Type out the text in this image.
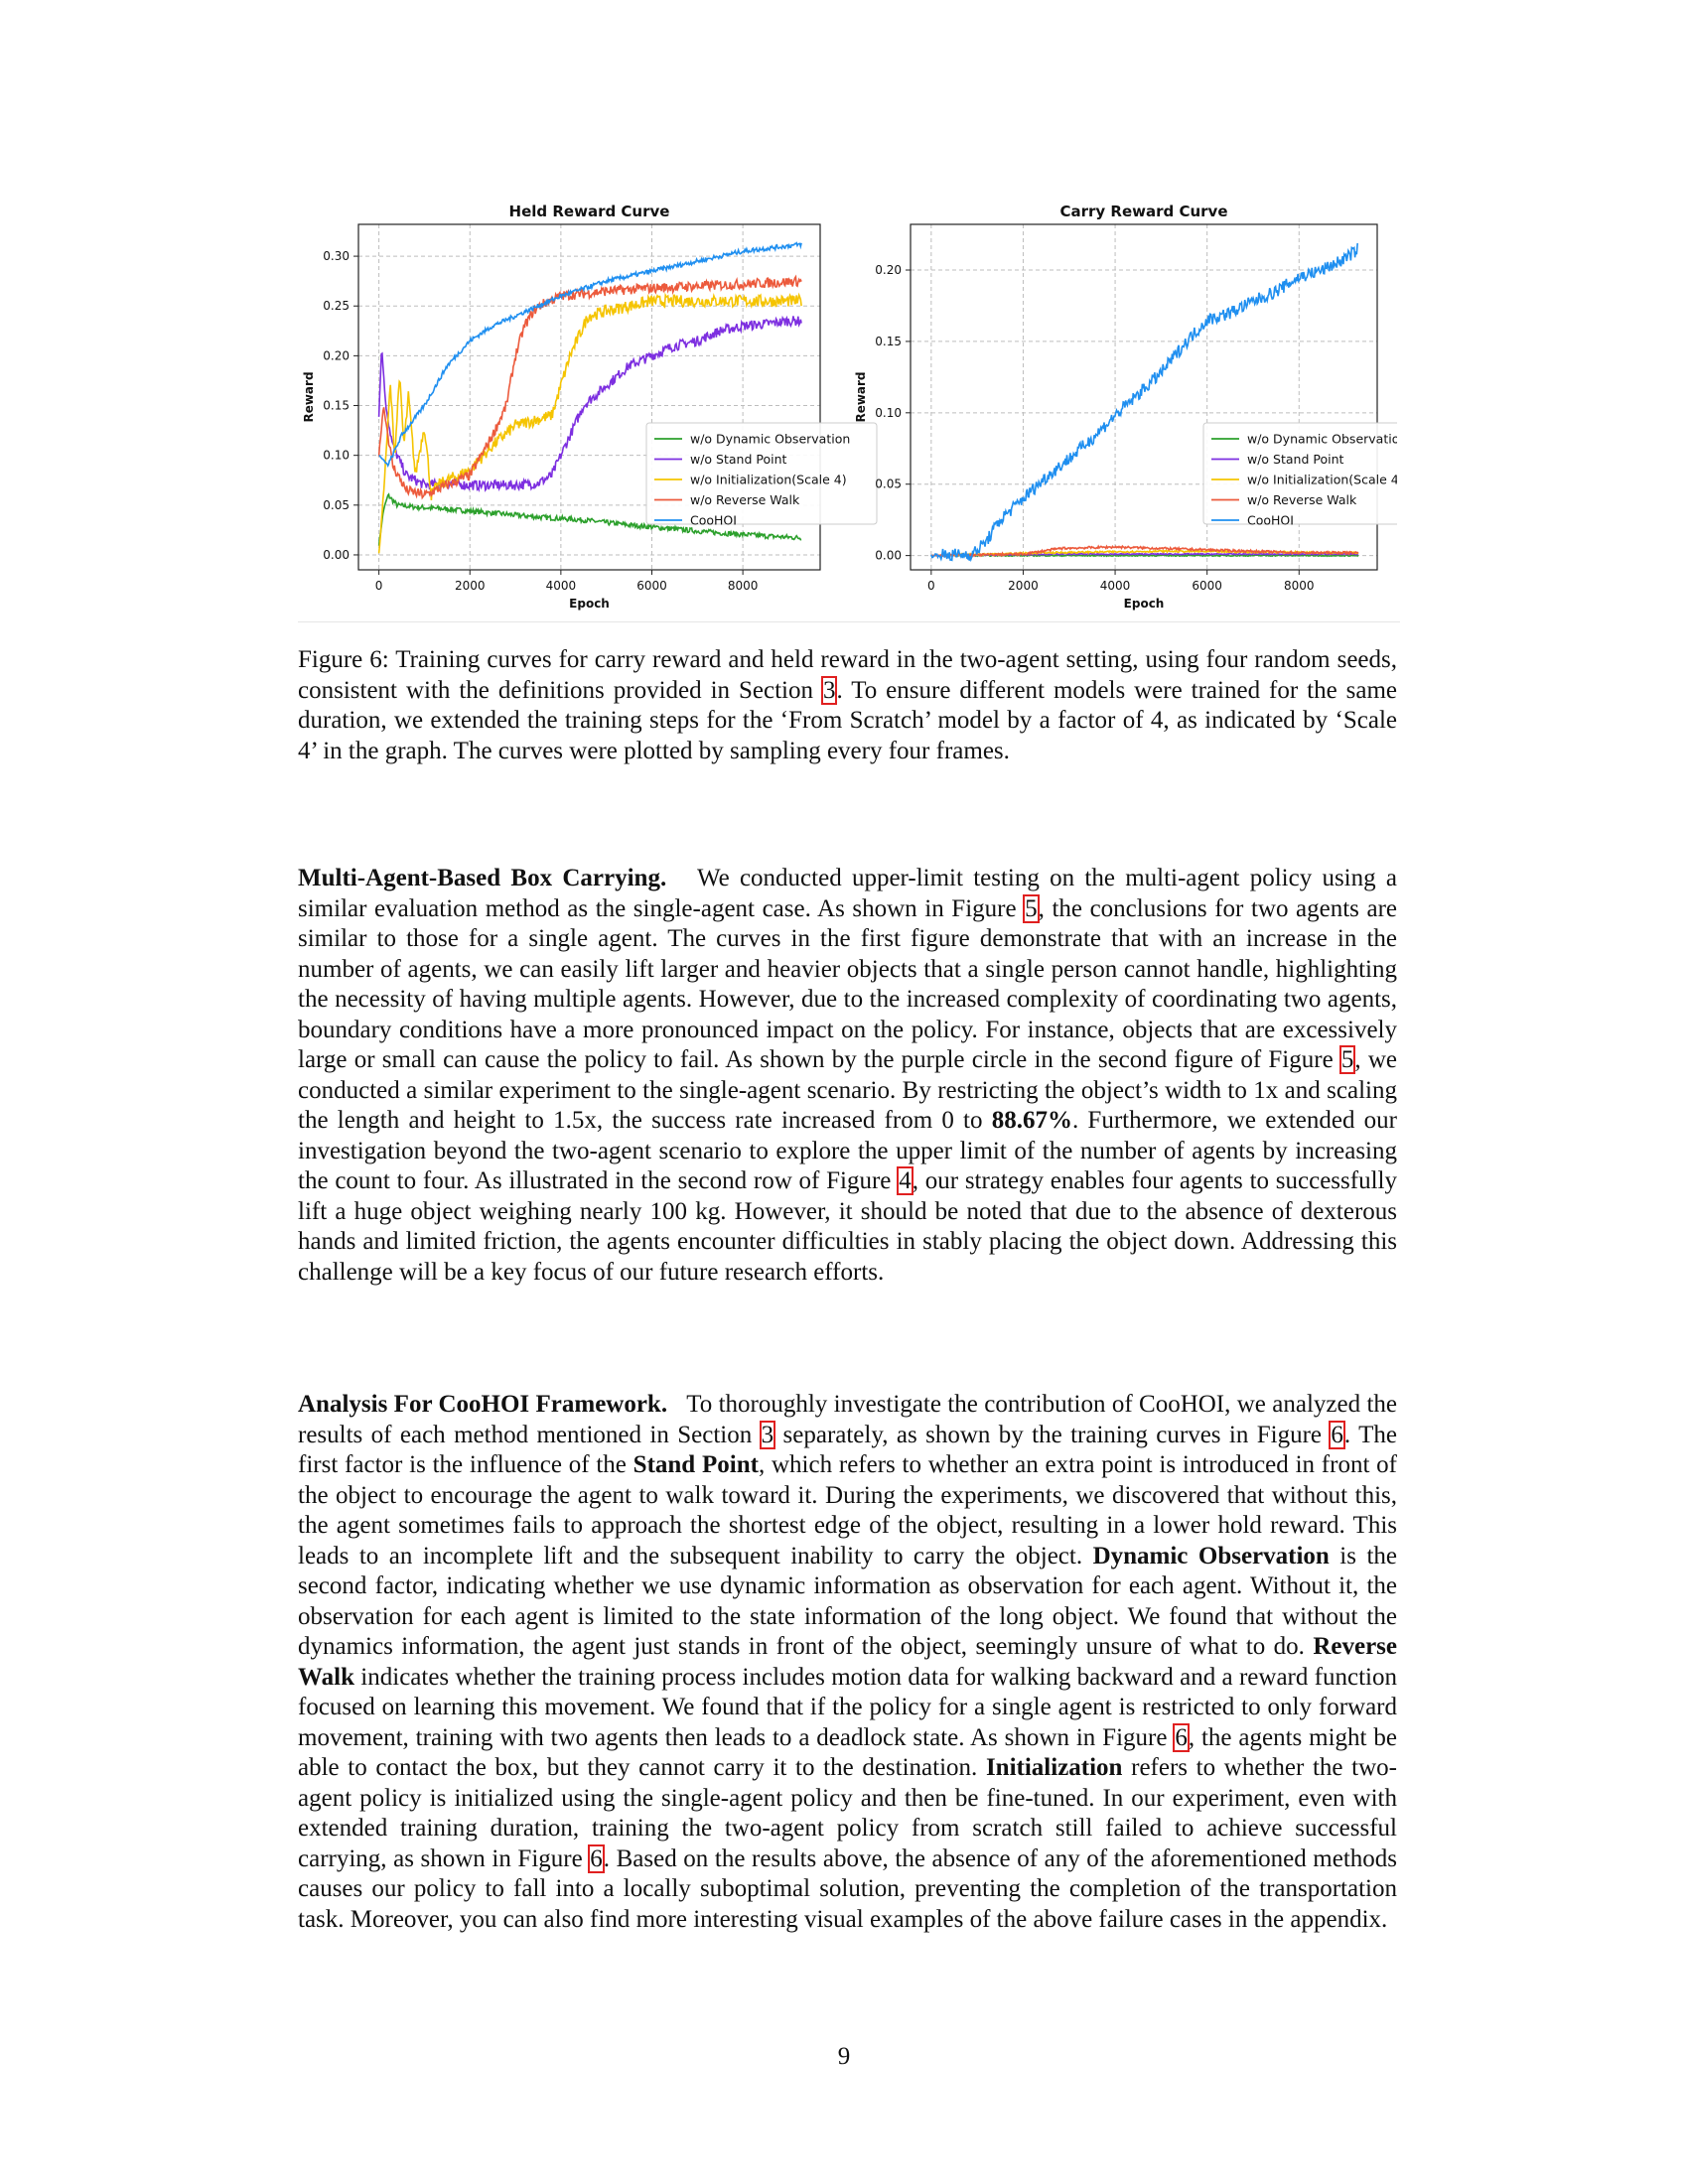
0	2000	4000	6000	8000
0.00
0.05
0.10
0.15
0.20
0.25
0.30
Held Reward Curve
Epoch
Reward
w/o Dynamic Observation
w/o Stand Point
w/o Initialization(Scale 4)
w/o Reverse Walk
CooHOI
0	2000	4000	6000	8000
0.00
0.05
0.10
0.15
0.20
Carry Reward Curve
Epoch
Reward
w/o Dynamic Observation
w/o Stand Point
w/o Initialization(Scale 4)
w/o Reverse Walk
CooHOI

Figure 6: Training curves for carry reward and held reward in the two-agent setting, using four random seeds, consistent with the definitions provided in Section 3. To ensure different models were trained for the same duration, we extended the training steps for the ‘From Scratch’ model by a factor of 4, as indicated by ‘Scale 4’ in the graph. The curves were plotted by sampling every four frames.

Multi-Agent-Based Box Carrying. We conducted upper-limit testing on the multi-agent policy using a similar evaluation method as the single-agent case. As shown in Figure 5, the conclusions for two agents are similar to those for a single agent. The curves in the first figure demonstrate that with an increase in the number of agents, we can easily lift larger and heavier objects that a single person cannot handle, highlighting the necessity of having multiple agents. However, due to the increased complexity of coordinating two agents, boundary conditions have a more pronounced impact on the policy. For instance, objects that are excessively large or small can cause the policy to fail. As shown by the purple circle in the second figure of Figure 5, we conducted a similar experiment to the single-agent scenario. By restricting the object’s width to 1x and scaling the length and height to 1.5x, the success rate increased from 0 to 88.67%. Furthermore, we extended our investigation beyond the two-agent scenario to explore the upper limit of the number of agents by increasing the count to four. As illustrated in the second row of Figure 4, our strategy enables four agents to successfully lift a huge object weighing nearly 100 kg. However, it should be noted that due to the absence of dexterous hands and limited friction, the agents encounter difficulties in stably placing the object down. Addressing this challenge will be a key focus of our future research efforts.

Analysis For CooHOI Framework. To thoroughly investigate the contribution of CooHOI, we analyzed the results of each method mentioned in Section 3 separately, as shown by the training curves in Figure 6. The first factor is the influence of the Stand Point, which refers to whether an extra point is introduced in front of the object to encourage the agent to walk toward it. During the experiments, we discovered that without this, the agent sometimes fails to approach the shortest edge of the object, resulting in a lower hold reward. This leads to an incomplete lift and the subsequent inability to carry the object. Dynamic Observation is the second factor, indicating whether we use dynamic information as observation for each agent. Without it, the observation for each agent is limited to the state information of the long object. We found that without the dynamics information, the agent just stands in front of the object, seemingly unsure of what to do. Reverse Walk indicates whether the training process includes motion data for walking backward and a reward function focused on learning this movement. We found that if the policy for a single agent is restricted to only forward movement, training with two agents then leads to a deadlock state. As shown in Figure 6, the agents might be able to contact the box, but they cannot carry it to the destination. Initialization refers to whether the two-agent policy is initialized using the single-agent policy and then be fine-tuned. In our experiment, even with extended training duration, training the two-agent policy from scratch still failed to achieve successful carrying, as shown in Figure 6. Based on the results above, the absence of any of the aforementioned methods causes our policy to fall into a locally suboptimal solution, preventing the completion of the transportation task. Moreover, you can also find more interesting visual examples of the above failure cases in the appendix.

9
